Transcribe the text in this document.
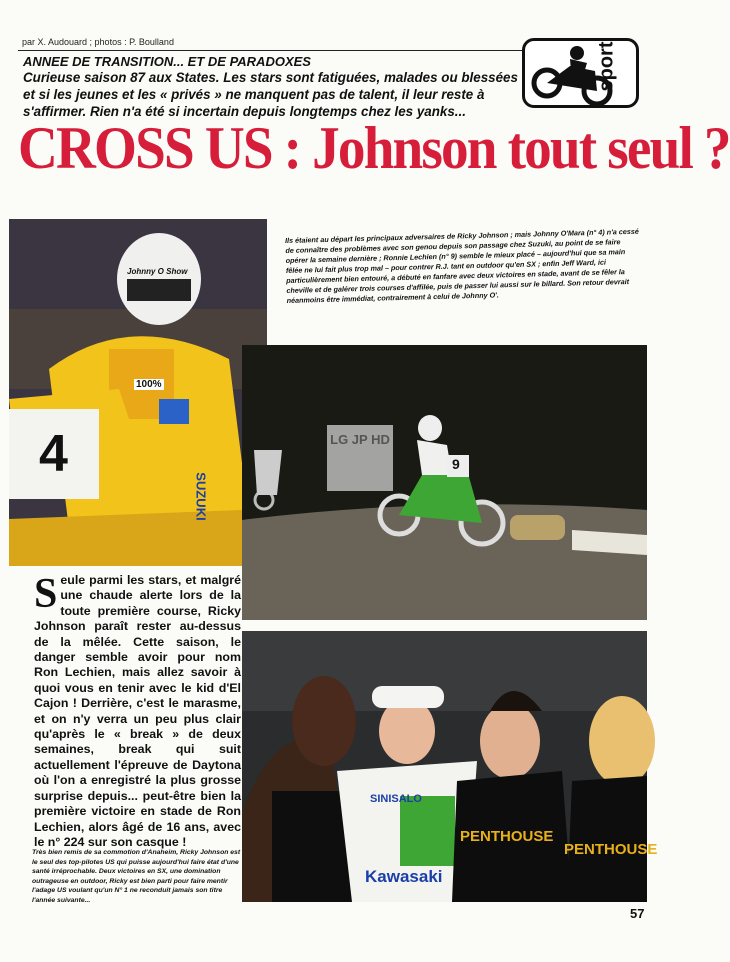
par X. Audouard ; photos : P. Boulland
ANNEE DE TRANSITION... ET DE PARADOXES
Curieuse saison 87 aux States. Les stars sont fatiguées, malades ou blessées et si les jeunes et les « privés » ne manquent pas de talent, il leur reste à s'affirmer. Rien n'a été si incertain depuis longtemps chez les yanks...
sport
CROSS US : Johnson tout seul ?
4
100%
Johnny O Show
SUZUKI
Ils étaient au départ les principaux adversaires de Ricky Johnson ; mais Johnny O'Mara (n° 4) n'a cessé de connaître des problèmes avec son genou depuis son passage chez Suzuki, au point de se faire opérer la semaine dernière ; Ronnie Lechien (n° 9) semble le mieux placé – aujourd'hui que sa main fêlée ne lui fait plus trop mal – pour contrer R.J. tant en outdoor qu'en SX ; enfin Jeff Ward, ici particulièrement bien entouré, a débuté en fanfare avec deux victoires en stade, avant de se fêler la cheville et de galérer trois courses d'affilée, puis de passer lui aussi sur le billard. Son retour devrait néanmoins être immédiat, contrairement à celui de Johnny O'.
9
LG JP HD
Seule parmi les stars, et malgré une chaude alerte lors de la toute première course, Ricky Johnson paraît rester au-dessus de la mêlée. Cette saison, le danger semble avoir pour nom Ron Lechien, mais allez savoir à quoi vous en tenir avec le kid d'El Cajon ! Derrière, c'est le marasme, et on n'y verra un peu plus clair qu'après le « break » de deux semaines, break qui suit actuellement l'épreuve de Daytona où l'on a enregistré la plus grosse surprise depuis... peut-être bien la première victoire en stade de Ron Lechien, alors âgé de 16 ans, avec le n° 224 sur son casque !
SINISALO
Kawasaki
PENTHOUSE
PENTHOUSE
Très bien remis de sa commotion d'Anaheim, Ricky Johnson est le seul des top-pilotes US qui puisse aujourd'hui faire état d'une santé irréprochable. Deux victoires en SX, une domination outrageuse en outdoor, Ricky est bien parti pour faire mentir l'adage US voulant qu'un N° 1 ne reconduit jamais son titre l'année suivante...
57
